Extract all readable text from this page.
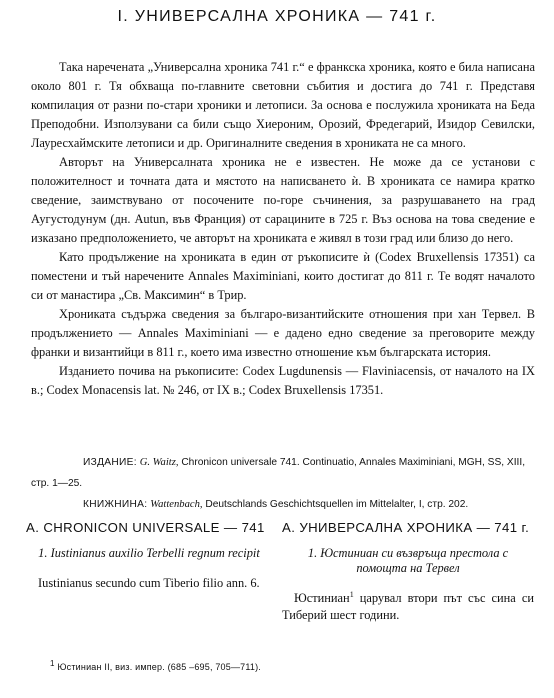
I. УНИВЕРСАЛНА ХРОНИКА — 741 г.

Така наречената „Универсална хроника 741 г.“ е франкска хроника, която е била написана около 801 г. Тя обхваща по-главните световни събития и достига до 741 г. Представя компилация от разни по-стари хроники и летописи. За основа е послужила хрониката на Беда Преподобни. Използувани са били също Хиероним, Орозий, Фредегарий, Изидор Севилски, Лауресхаймските летописи и др. Оригиналните сведения в хрониката не са много.

Авторът на Универсалната хроника не е известен. Не може да се установи с положителност и точната дата и мястото на написването ѝ. В хрониката се намира кратко сведение, заимствувано от посочените по-горе съчинения, за разрушаването на град Аугустодунум (дн. Autun, във Франция) от сарацините в 725 г. Въз основа на това сведение е изказано предположението, че авторът на хрониката е живял в този град или близо до него.

Като продължение на хрониката в един от ръкописите ѝ (Codex Bruxellensis 17351) са поместени и тъй наречените Annales Maximiniani, които достигат до 811 г. Те водят началото си от манастира „Св. Максимин“ в Трир.

Хрониката съдържа сведения за българо-византийските отношения при хан Тервел. В продължението — Annales Maximiniani — е дадено едно сведение за преговорите между франки и византийци в 811 г., което има известно отношение към българската история.

Изданието почива на ръкописите: Codex Lugdunensis — Flaviniacensis, от началото на IX в.; Codex Monacensis lat. № 246, от IX в.; Codex Bruxellensis 17351.

ИЗДАНИЕ: G. Waitz, Chronicon universale 741. Continuatio, Annales Maximiniani, MGH, SS, XIII, стр. 1—25.

КНИЖНИНА: Wattenbach, Deutschlands Geschichtsquellen im Mittelalter, I, стр. 202.

A. CHRONICON UNIVERSALE — 741
1. Iustinianus auxilio Terbelli regnum recipit
Iustinianus secundo cum Tiberio filio ann. 6.
A. УНИВЕРСАЛНА ХРОНИКА — 741 г.
1. Юстиниан си възвръща престола с помощта на Тервел
Юстиниан$^1$ царувал втори път със сина си Тиберий шест години.
$^1$ Юстиниан II, виз. импер. (685 –695, 705—711).
